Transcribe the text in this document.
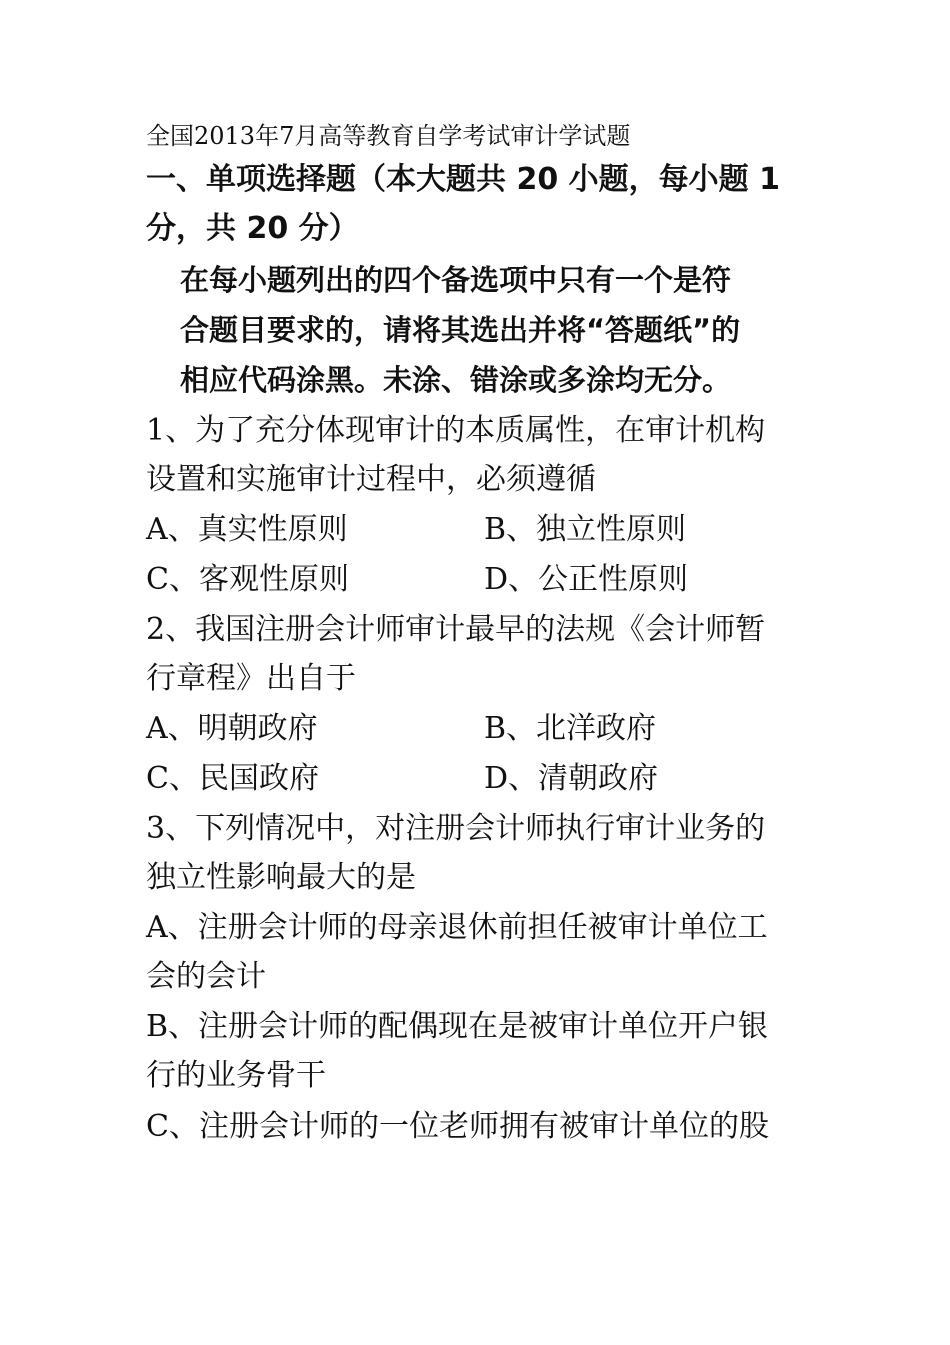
全国2013年7月高等教育自学考试审计学试题
一、单项选择题（本大题共 20 小题，每小题 1
分，共 20 分）
在每小题列出的四个备选项中只有一个是符
合题目要求的，请将其选出并将“答题纸”的
相应代码涂黑。未涂、错涂或多涂均无分。
1、为了充分体现审计的本质属性，在审计机构
设置和实施审计过程中，必须遵循
A、真实性原则	B、独立性原则
C、客观性原则	D、公正性原则
2、我国注册会计师审计最早的法规《会计师暂
行章程》出自于
A、明朝政府	B、北洋政府
C、民国政府	D、清朝政府
3、下列情况中，对注册会计师执行审计业务的
独立性影响最大的是
A、注册会计师的母亲退休前担任被审计单位工
会的会计
B、注册会计师的配偶现在是被审计单位开户银
行的业务骨干
C、注册会计师的一位老师拥有被审计单位的股
